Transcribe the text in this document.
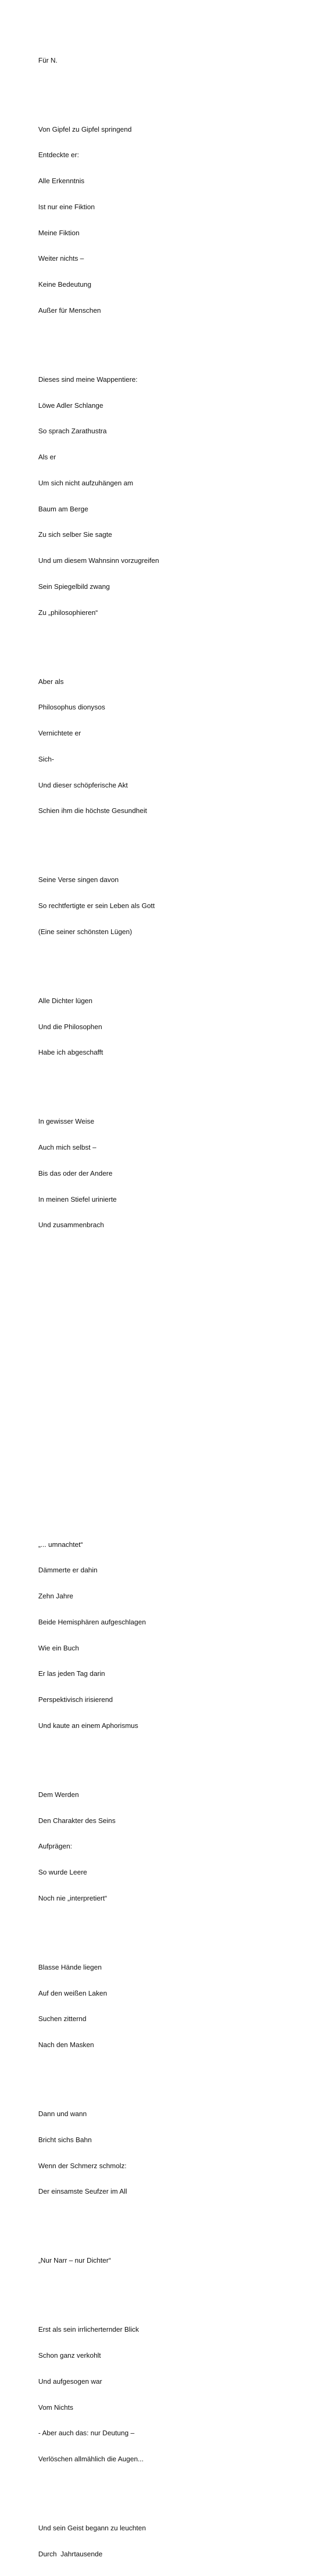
Für N.

Von Gipfel zu Gipfel springend

Entdeckte er:

Alle Erkenntnis

Ist nur eine Fiktion

Meine Fiktion

Weiter nichts –

Keine Bedeutung

Außer für Menschen

Dieses sind meine Wappentiere:

Löwe Adler Schlange

So sprach Zarathustra

Als er

Um sich nicht aufzuhängen am

Baum am Berge

Zu sich selber Sie sagte

Und um diesem Wahnsinn vorzugreifen

Sein Spiegelbild zwang

Zu „philosophieren“

Aber als

Philosophus dionysos

Vernichtete er

Sich-

Und dieser schöpferische Akt

Schien ihm die höchste Gesundheit

Seine Verse singen davon

So rechtfertigte er sein Leben als Gott

(Eine seiner schönsten Lügen)

Alle Dichter lügen

Und die Philosophen

Habe ich abgeschafft

In gewisser Weise

Auch mich selbst –

Bis das oder der Andere

In meinen Stiefel urinierte

Und zusammenbrach

„... umnachtet“

Dämmerte er dahin

Zehn Jahre

Beide Hemisphären aufgeschlagen

Wie ein Buch

Er las jeden Tag darin

Perspektivisch irisierend

Und kaute an einem Aphorismus

Dem Werden

Den Charakter des Seins

Aufprägen:

So wurde Leere

Noch nie „interpretiert“

Blasse Hände liegen

Auf den weißen Laken

Suchen zitternd

Nach den Masken

Dann und wann

Bricht sichs Bahn

Wenn der Schmerz schmolz:

Der einsamste Seufzer im All

„Nur Narr – nur Dichter“

Erst als sein irrlicherternder Blick

Schon ganz verkohlt

Und aufgesogen war

Vom Nichts

- Aber auch das: nur Deutung –

Verlöschen allmählich die Augen...

Und sein Geist begann zu leuchten

Durch  Jahrtausende
